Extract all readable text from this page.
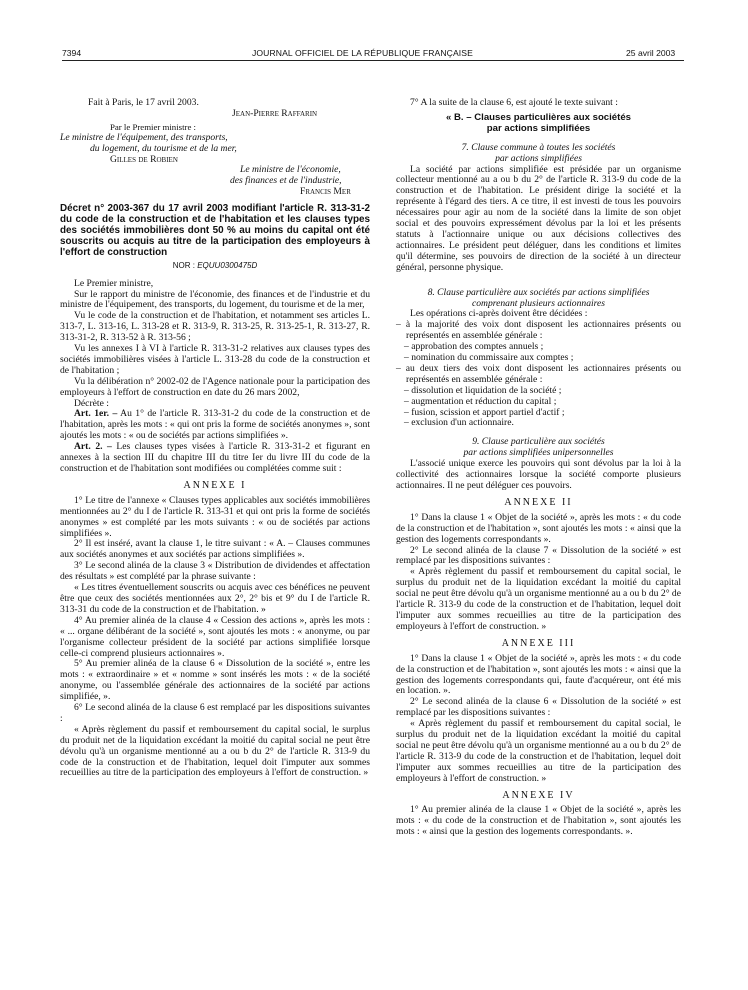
7394	JOURNAL OFFICIEL DE LA RÉPUBLIQUE FRANÇAISE	25 avril 2003

Fait à Paris, le 17 avril 2003.

Jean-Pierre Raffarin

Par le Premier ministre :

Le ministre de l'équipement, des transports,

du logement, du tourisme et de la mer,

Gilles de Robien

Le ministre de l'économie,

des finances et de l'industrie,

Francis Mer

Décret n° 2003-367 du 17 avril 2003 modifiant l'article R. 313-31-2 du code de la construction et de l'habitation et les clauses types des sociétés immobilières dont 50 % au moins du capital ont été souscrits ou acquis au titre de la participation des employeurs à l'effort de construction

NOR : EQUU0300475D

Le Premier ministre,

Sur le rapport du ministre de l'économie, des finances et de l'industrie et du ministre de l'équipement, des transports, du logement, du tourisme et de la mer,

Vu le code de la construction et de l'habitation, et notamment ses articles L. 313-7, L. 313-16, L. 313-28 et R. 313-9, R. 313-25, R. 313-25-1, R. 313-27, R. 313-31-2, R. 313-52 à R. 313-56 ;

Vu les annexes I à VI à l'article R. 313-31-2 relatives aux clauses types des sociétés immobilières visées à l'article L. 313-28 du code de la construction et de l'habitation ;

Vu la délibération n° 2002-02 de l'Agence nationale pour la participation des employeurs à l'effort de construction en date du 26 mars 2002,

Décrète :

Art. 1er. – Au 1° de l'article R. 313-31-2 du code de la construction et de l'habitation, après les mots : « qui ont pris la forme de sociétés anonymes », sont ajoutés les mots : « ou de sociétés par actions simplifiées ».

Art. 2. – Les clauses types visées à l'article R. 313-31-2 et figurant en annexes à la section III du chapitre III du titre Ier du livre III du code de la construction et de l'habitation sont modifiées ou complétées comme suit :

ANNEXE I

1° Le titre de l'annexe « Clauses types applicables aux sociétés immobilières mentionnées au 2° du I de l'article R. 313-31 et qui ont pris la forme de sociétés anonymes » est complété par les mots suivants : « ou de sociétés par actions simplifiées ».

2° Il est inséré, avant la clause 1, le titre suivant : « A. – Clauses communes aux sociétés anonymes et aux sociétés par actions simplifiées ».

3° Le second alinéa de la clause 3 « Distribution de dividendes et affectation des résultats » est complété par la phrase suivante :

« Les titres éventuellement souscrits ou acquis avec ces bénéfices ne peuvent être que ceux des sociétés mentionnées aux 2°, 2° bis et 9° du I de l'article R. 313-31 du code de la construction et de l'habitation. »

4° Au premier alinéa de la clause 4 « Cession des actions », après les mots : « ... organe délibérant de la société », sont ajoutés les mots : « anonyme, ou par l'organisme collecteur président de la société par actions simplifiée lorsque celle-ci comprend plusieurs actionnaires ».

5° Au premier alinéa de la clause 6 « Dissolution de la société », entre les mots : « extraordinaire » et « nomme » sont insérés les mots : « de la société anonyme, ou l'assemblée générale des actionnaires de la société par actions simplifiée, ».

6° Le second alinéa de la clause 6 est remplacé par les dispositions suivantes :

« Après règlement du passif et remboursement du capital social, le surplus du produit net de la liquidation excédant la moitié du capital social ne peut être dévolu qu'à un organisme mentionné au a ou b du 2° de l'article R. 313-9 du code de la construction et de l'habitation, lequel doit l'imputer aux sommes recueillies au titre de la participation des employeurs à l'effort de construction. »

7° A la suite de la clause 6, est ajouté le texte suivant :

« B. – Clauses particulières aux sociétés

par actions simplifiées

7. Clause commune à toutes les sociétés

par actions simplifiées

La société par actions simplifiée est présidée par un organisme collecteur mentionné au a ou b du 2° de l'article R. 313-9 du code de la construction et de l'habitation. Le président dirige la société et la représente à l'égard des tiers. A ce titre, il est investi de tous les pouvoirs nécessaires pour agir au nom de la société dans la limite de son objet social et des pouvoirs expressément dévolus par la loi et les présents statuts à l'actionnaire unique ou aux décisions collectives des actionnaires. Le président peut déléguer, dans les conditions et limites qu'il détermine, ses pouvoirs de direction de la société à un directeur général, personne physique.

8. Clause particulière aux sociétés par actions simplifiées

comprenant plusieurs actionnaires

Les opérations ci-après doivent être décidées :

– à la majorité des voix dont disposent les actionnaires présents ou représentés en assemblée générale :

– approbation des comptes annuels ;

– nomination du commissaire aux comptes ;

– au deux tiers des voix dont disposent les actionnaires présents ou représentés en assemblée générale :

– dissolution et liquidation de la société ;

– augmentation et réduction du capital ;

– fusion, scission et apport partiel d'actif ;

– exclusion d'un actionnaire.

9. Clause particulière aux sociétés

par actions simplifiées unipersonnelles

L'associé unique exerce les pouvoirs qui sont dévolus par la loi à la collectivité des actionnaires lorsque la société comporte plusieurs actionnaires. Il ne peut déléguer ces pouvoirs.

ANNEXE II

1° Dans la clause 1 « Objet de la société », après les mots : « du code de la construction et de l'habitation », sont ajoutés les mots : « ainsi que la gestion des logements correspondants ».

2° Le second alinéa de la clause 7 « Dissolution de la société » est remplacé par les dispositions suivantes :

« Après règlement du passif et remboursement du capital social, le surplus du produit net de la liquidation excédant la moitié du capital social ne peut être dévolu qu'à un organisme mentionné au a ou b du 2° de l'article R. 313-9 du code de la construction et de l'habitation, lequel doit l'imputer aux sommes recueillies au titre de la participation des employeurs à l'effort de construction. »

ANNEXE III

1° Dans la clause 1 « Objet de la société », après les mots : « du code de la construction et de l'habitation », sont ajoutés les mots : « ainsi que la gestion des logements correspondants qui, faute d'acquéreur, ont été mis en location. ».

2° Le second alinéa de la clause 6 « Dissolution de la société » est remplacé par les dispositions suivantes :

« Après règlement du passif et remboursement du capital social, le surplus du produit net de la liquidation excédant la moitié du capital social ne peut être dévolu qu'à un organisme mentionné au a ou b du 2° de l'article R. 313-9 du code de la construction et de l'habitation, lequel doit l'imputer aux sommes recueillies au titre de la participation des employeurs à l'effort de construction. »

ANNEXE IV

1° Au premier alinéa de la clause 1 « Objet de la société », après les mots : « du code de la construction et de l'habitation », sont ajoutés les mots : « ainsi que la gestion des logements correspondants. ».
